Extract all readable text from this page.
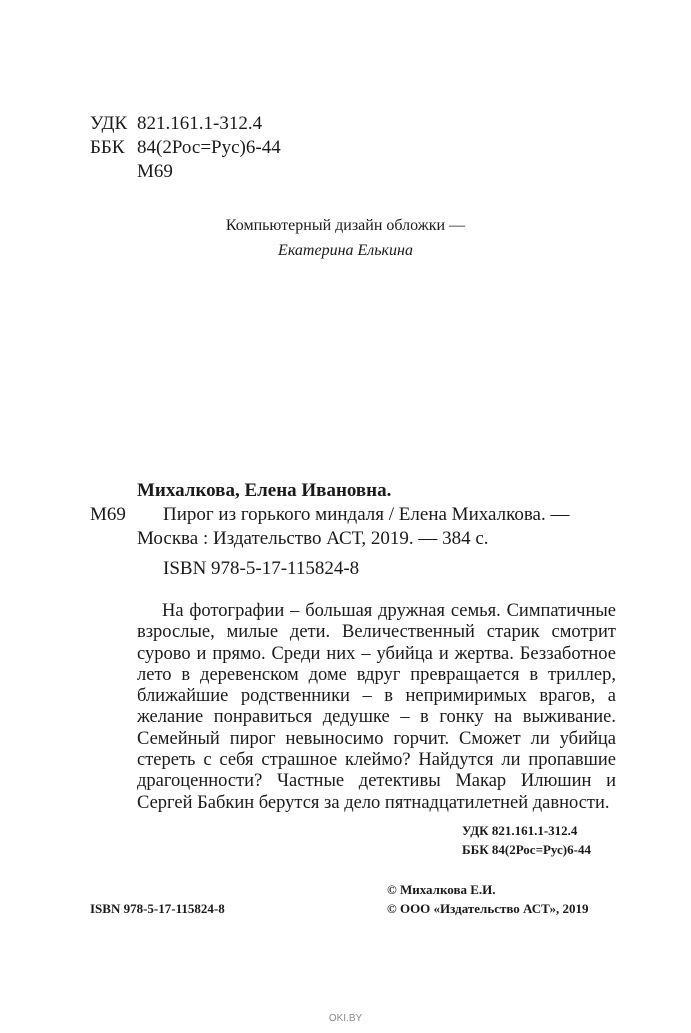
УДК 821.161.1-312.4
ББК 84(2Рос=Рус)6-44
М69
Компьютерный дизайн обложки —
Екатерина Елькина
Михалкова, Елена Ивановна.
М69 Пирог из горького миндаля / Елена Михалкова. —
Москва : Издательство АСТ, 2019. — 384 с.
ISBN 978-5-17-115824-8

На фотографии – большая дружная семья. Симпатичные взрослые, милые дети. Величественный старик смотрит сурово и прямо. Среди них – убийца и жертва. Беззаботное лето в деревенском доме вдруг превращается в триллер, ближайшие родственники – в непримиримых врагов, а желание понравиться дедушке – в гонку на выживание. Семейный пирог невыносимо горчит. Сможет ли убийца стереть с себя страшное клеймо? Найдутся ли пропавшие драгоценности? Частные детективы Макар Илюшин и Сергей Бабкин берутся за дело пятнадцатилетней давности.

УДК 821.161.1-312.4
ББК 84(2Рос=Рус)6-44
© Михалкова Е.И.
ISBN 978-5-17-115824-8	© ООО «Издательство АСТ», 2019
OKI.BY
